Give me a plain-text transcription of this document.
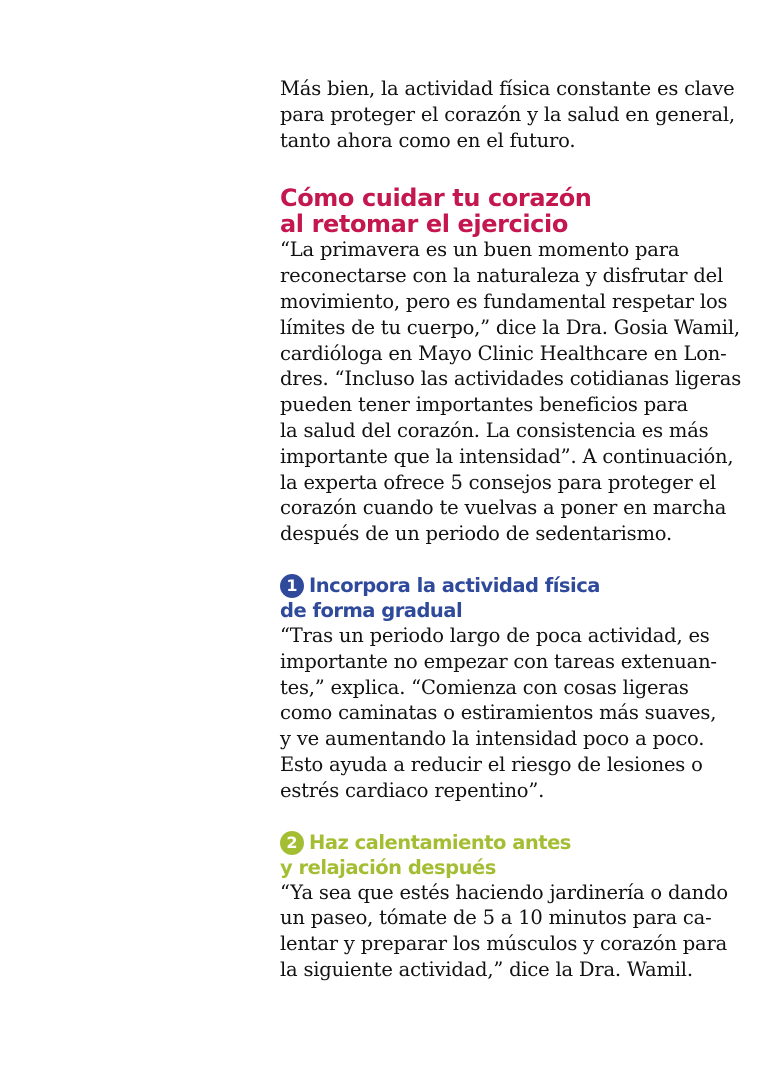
Más bien, la actividad física constante es clave
para proteger el corazón y la salud en general,
tanto ahora como en el futuro.

Cómo cuidar tu corazón
al retomar el ejercicio

“La primavera es un buen momento para
reconectarse con la naturaleza y disfrutar del
movimiento, pero es fundamental respetar los
límites de tu cuerpo,” dice la Dra. Gosia Wamil,
cardióloga en Mayo Clinic Healthcare en Lon-
dres. “Incluso las actividades cotidianas ligeras
pueden tener importantes beneficios para
la salud del corazón. La consistencia es más
importante que la intensidad”. A continuación,
la experta ofrece 5 consejos para proteger el
corazón cuando te vuelvas a poner en marcha
después de un periodo de sedentarismo.

1 Incorpora la actividad física
de forma gradual

“Tras un periodo largo de poca actividad, es
importante no empezar con tareas extenuan-
tes,” explica. “Comienza con cosas ligeras
como caminatas o estiramientos más suaves,
y ve aumentando la intensidad poco a poco.
Esto ayuda a reducir el riesgo de lesiones o
estrés cardiaco repentino”.

2 Haz calentamiento antes
y relajación después

“Ya sea que estés haciendo jardinería o dando
un paseo, tómate de 5 a 10 minutos para ca-
lentar y preparar los músculos y corazón para
la siguiente actividad,” dice la Dra. Wamil.
